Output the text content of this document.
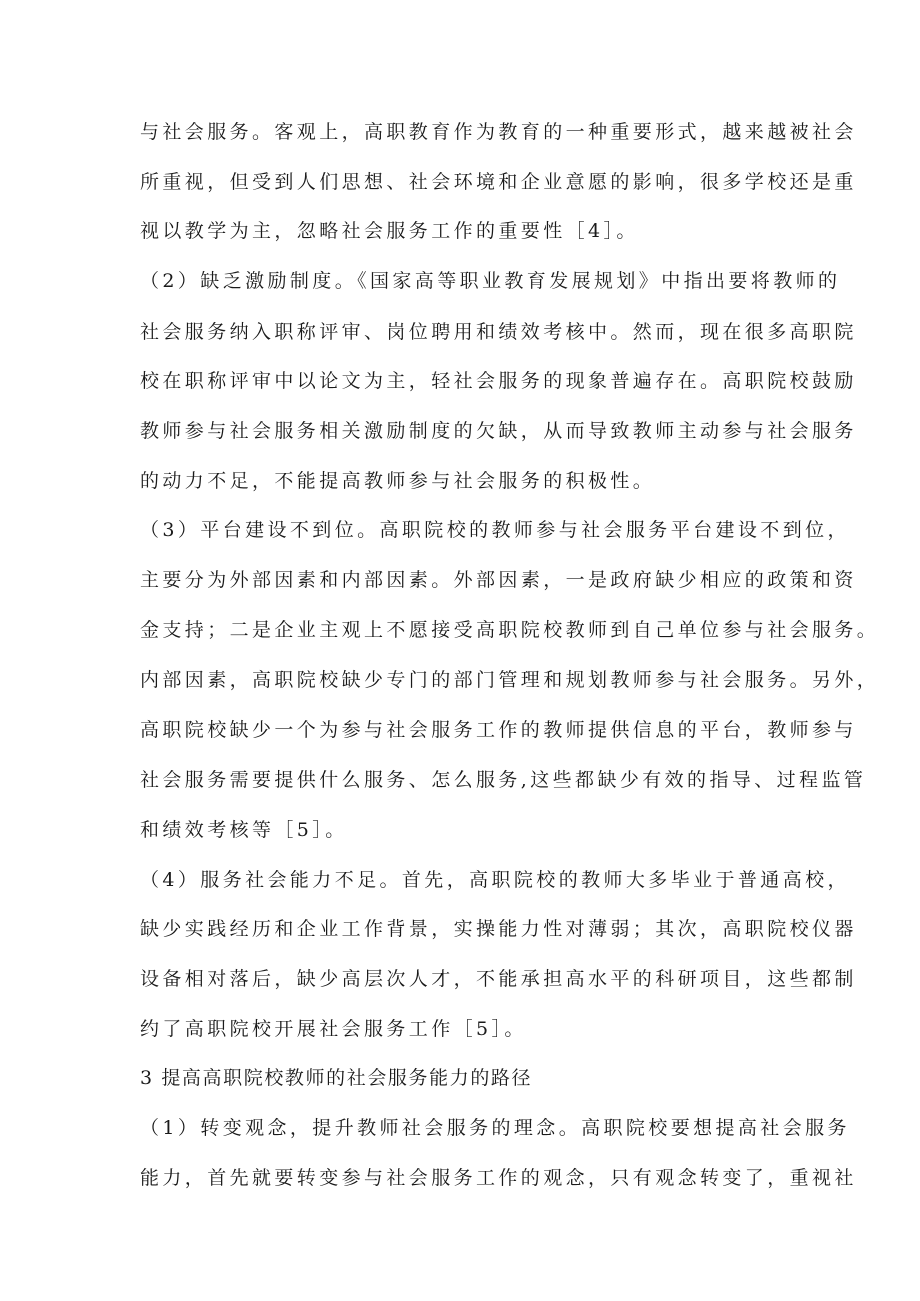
与社会服务。客观上，高职教育作为教育的一种重要形式，越来越被社会
所重视，但受到人们思想、社会环境和企业意愿的影响，很多学校还是重
视以教学为主，忽略社会服务工作的重要性［4］。
（2）缺乏激励制度。《国家高等职业教育发展规划》中指出要将教师的
社会服务纳入职称评审、岗位聘用和绩效考核中。然而，现在很多高职院
校在职称评审中以论文为主，轻社会服务的现象普遍存在。高职院校鼓励
教师参与社会服务相关激励制度的欠缺，从而导致教师主动参与社会服务
的动力不足，不能提高教师参与社会服务的积极性。
（3）平台建设不到位。高职院校的教师参与社会服务平台建设不到位，
主要分为外部因素和内部因素。外部因素，一是政府缺少相应的政策和资
金支持；二是企业主观上不愿接受高职院校教师到自己单位参与社会服务。
内部因素，高职院校缺少专门的部门管理和规划教师参与社会服务。另外，
高职院校缺少一个为参与社会服务工作的教师提供信息的平台，教师参与
社会服务需要提供什么服务、怎么服务,这些都缺少有效的指导、过程监管
和绩效考核等［5］。
（4）服务社会能力不足。首先，高职院校的教师大多毕业于普通高校，
缺少实践经历和企业工作背景，实操能力性对薄弱；其次，高职院校仪器
设备相对落后，缺少高层次人才，不能承担高水平的科研项目，这些都制
约了高职院校开展社会服务工作［5］。
3 提高高职院校教师的社会服务能力的路径
（1）转变观念，提升教师社会服务的理念。高职院校要想提高社会服务
能力，首先就要转变参与社会服务工作的观念，只有观念转变了，重视社
